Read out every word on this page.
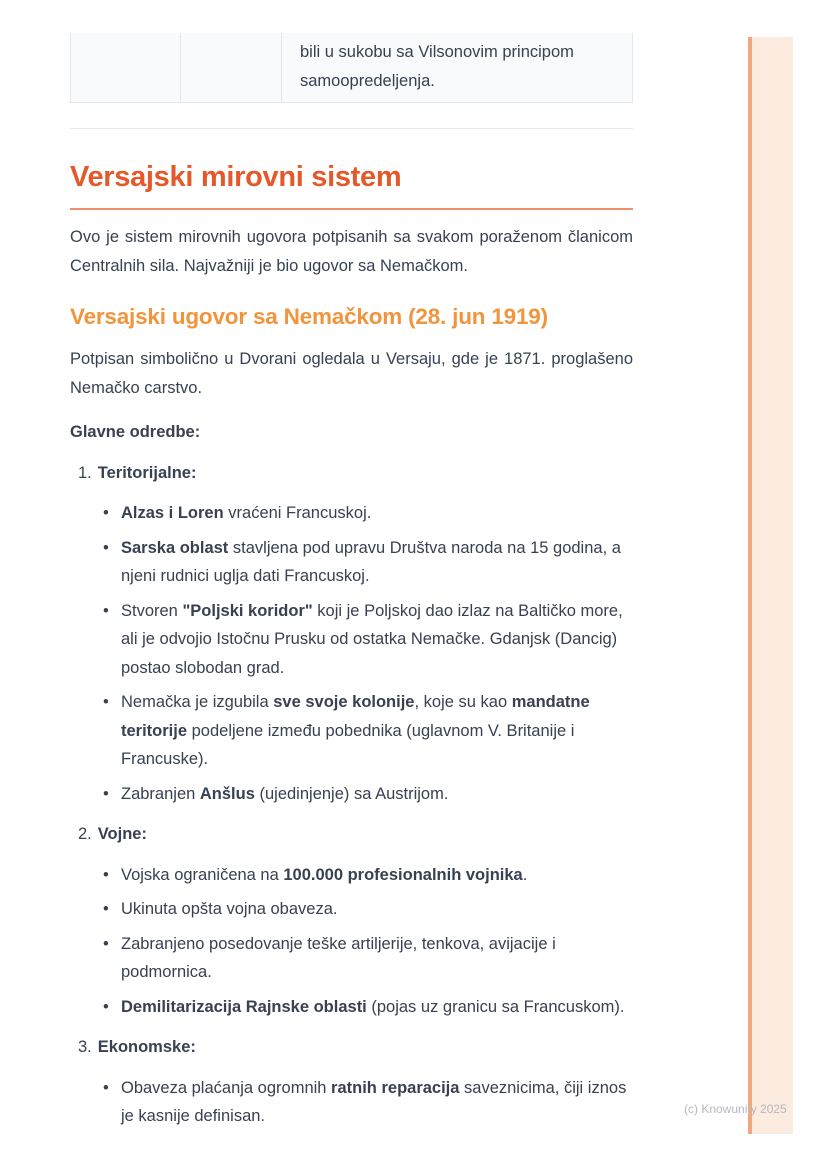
(c) Knowunity 2025
bili u sukobu sa Vilsonovim principom samoopredeljenja.
Versajski mirovni sistem

Ovo je sistem mirovnih ugovora potpisanih sa svakom poraženom članicom Centralnih sila. Najvažniji je bio ugovor sa Nemačkom.

Versajski ugovor sa Nemačkom (28. jun 1919)

Potpisan simbolično u Dvorani ogledala u Versaju, gde je 1871. proglašeno Nemačko carstvo.

Glavne odredbe:

1. Teritorijalne:
• Alzas i Loren vraćeni Francuskoj.
• Sarska oblast stavljena pod upravu Društva naroda na 15 godina, a njeni rudnici uglja dati Francuskoj.
• Stvoren "Poljski koridor" koji je Poljskoj dao izlaz na Baltičko more, ali je odvojio Istočnu Prusku od ostatka Nemačke. Gdanjsk (Dancig) postao slobodan grad.
• Nemačka je izgubila sve svoje kolonije, koje su kao mandatne teritorije podeljene između pobednika (uglavnom V. Britanije i Francuske).
• Zabranjen Anšlus (ujedinjenje) sa Austrijom.
2. Vojne:
• Vojska ograničena na 100.000 profesionalnih vojnika.
• Ukinuta opšta vojna obaveza.
• Zabranjeno posedovanje teške artiljerije, tenkova, avijacije i podmornica.
• Demilitarizacija Rajnske oblasti (pojas uz granicu sa Francuskom).
3. Ekonomske:
• Obaveza plaćanja ogromnih ratnih reparacija saveznicima, čiji iznos je kasnije definisan.
